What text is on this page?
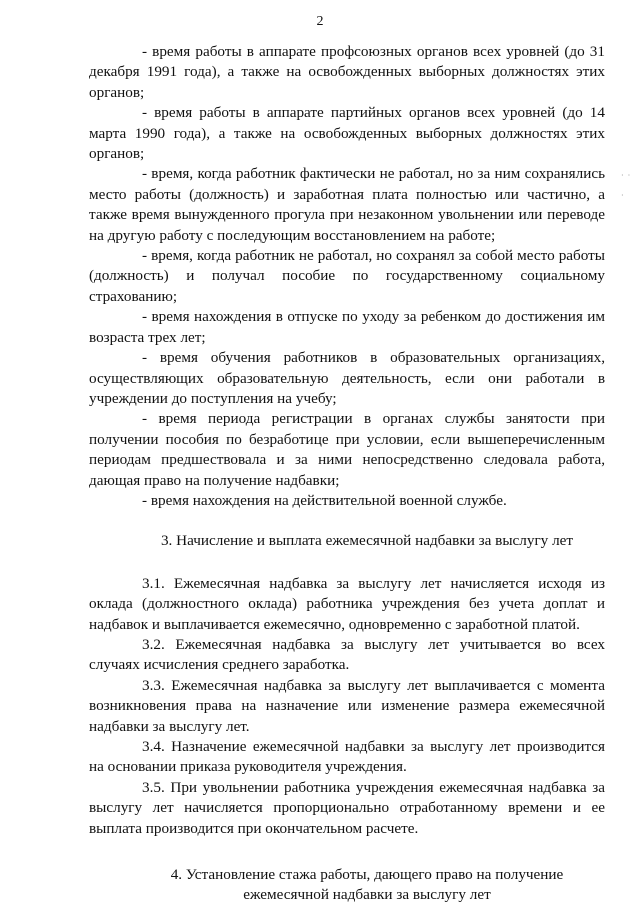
2
· · ·

- время работы в аппарате профсоюзных органов всех уровней (до 31 декабря 1991 года), а также на освобожденных выборных должностях этих органов;

- время работы в аппарате партийных органов всех уровней (до 14 марта 1990 года), а также на освобожденных выборных должностях этих органов;

- время, когда работник фактически не работал, но за ним сохранялись место работы (должность) и заработная плата полностью или частично, а также время вынужденного прогула при незаконном увольнении или переводе на другую работу с последующим восстановлением на работе;

- время, когда работник не работал, но сохранял за собой место работы (должность) и получал пособие по государственному социальному страхованию;

- время нахождения в отпуске по уходу за ребенком до достижения им возраста трех лет;

- время обучения работников в образовательных организациях, осуществляющих образовательную деятельность, если они работали в учреждении до поступления на учебу;

- время периода регистрации в органах службы занятости при получении пособия по безработице при условии, если вышеперечисленным периодам предшествовала и за ними непосредственно следовала работа, дающая право на получение надбавки;

- время нахождения на действительной военной службе.

3. Начисление и выплата ежемесячной надбавки за выслугу лет

3.1. Ежемесячная надбавка за выслугу лет начисляется исходя из оклада (должностного оклада) работника учреждения без учета доплат и надбавок и выплачивается ежемесячно, одновременно с заработной платой.

3.2. Ежемесячная надбавка за выслугу лет учитывается во всех случаях исчисления среднего заработка.

3.3. Ежемесячная надбавка за выслугу лет выплачивается с момента возникновения права на назначение или изменение размера ежемесячной надбавки за выслугу лет.

3.4. Назначение ежемесячной надбавки за выслугу лет производится на основании приказа руководителя учреждения.

3.5. При увольнении работника учреждения ежемесячная надбавка за выслугу лет начисляется пропорционально отработанному времени и ее выплата производится при окончательном расчете.

4. Установление стажа работы, дающего право на получение
ежемесячной надбавки за выслугу лет
